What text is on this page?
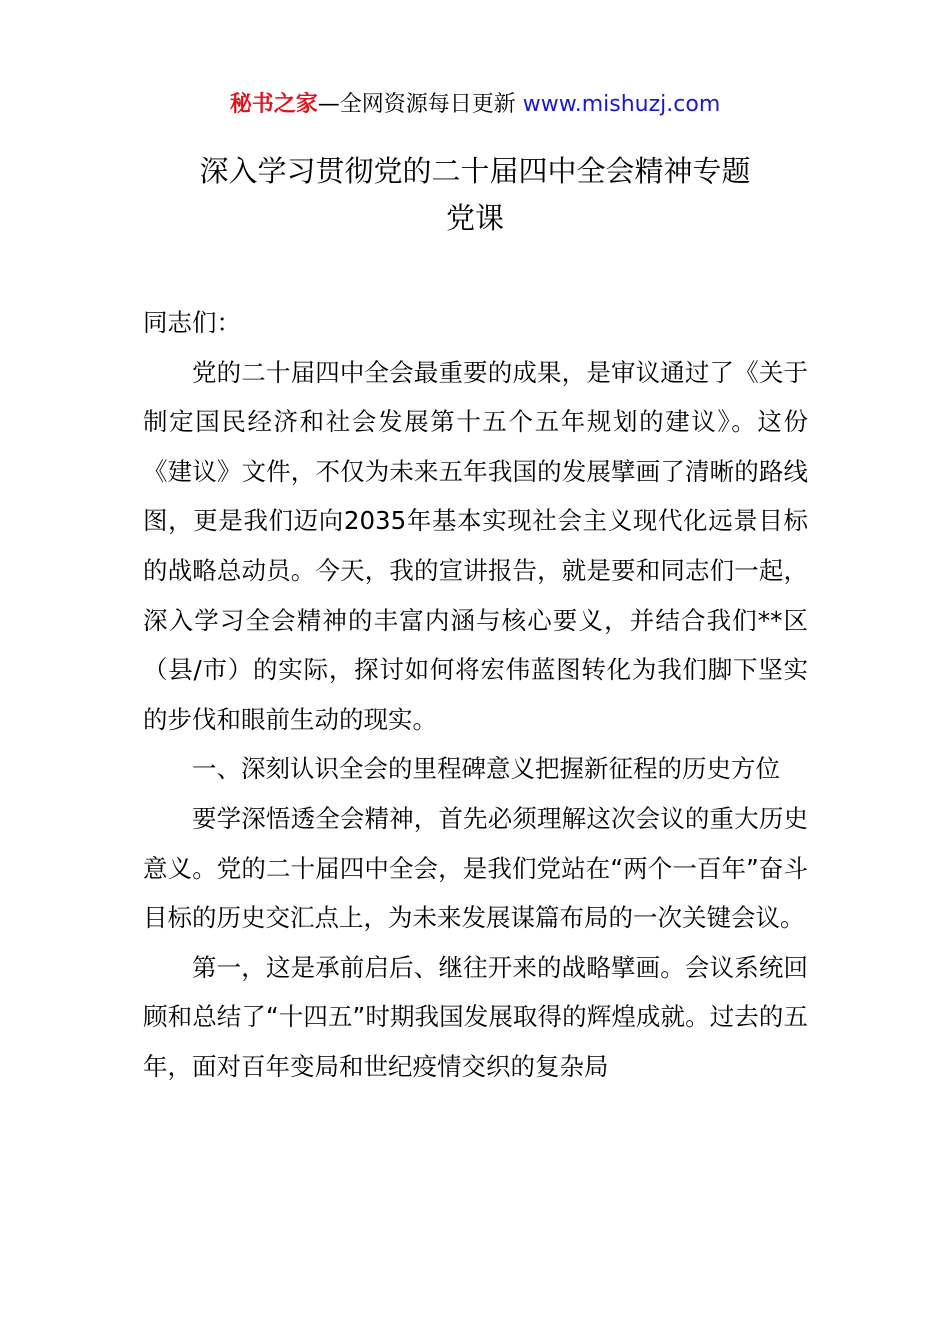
秘书之家—全网资源每日更新 www.mishuzj.com
深入学习贯彻党的二十届四中全会精神专题
党课

同志们：

党的二十届四中全会最重要的成果，是审议通过了《关于制定国民经济和社会发展第十五个五年规划的建议》。这份《建议》文件，不仅为未来五年我国的发展擘画了清晰的路线图，更是我们迈向2035年基本实现社会主义现代化远景目标的战略总动员。今天，我的宣讲报告，就是要和同志们一起，深入学习全会精神的丰富内涵与核心要义，并结合我们**区（县/市）的实际，探讨如何将宏伟蓝图转化为我们脚下坚实的步伐和眼前生动的现实。

一、深刻认识全会的里程碑意义把握新征程的历史方位

要学深悟透全会精神，首先必须理解这次会议的重大历史意义。党的二十届四中全会，是我们党站在“两个一百年”奋斗目标的历史交汇点上，为未来发展谋篇布局的一次关键会议。

第一，这是承前启后、继往开来的战略擘画。会议系统回顾和总结了“十四五”时期我国发展取得的辉煌成就。过去的五年，面对百年变局和世纪疫情交织的复杂局
